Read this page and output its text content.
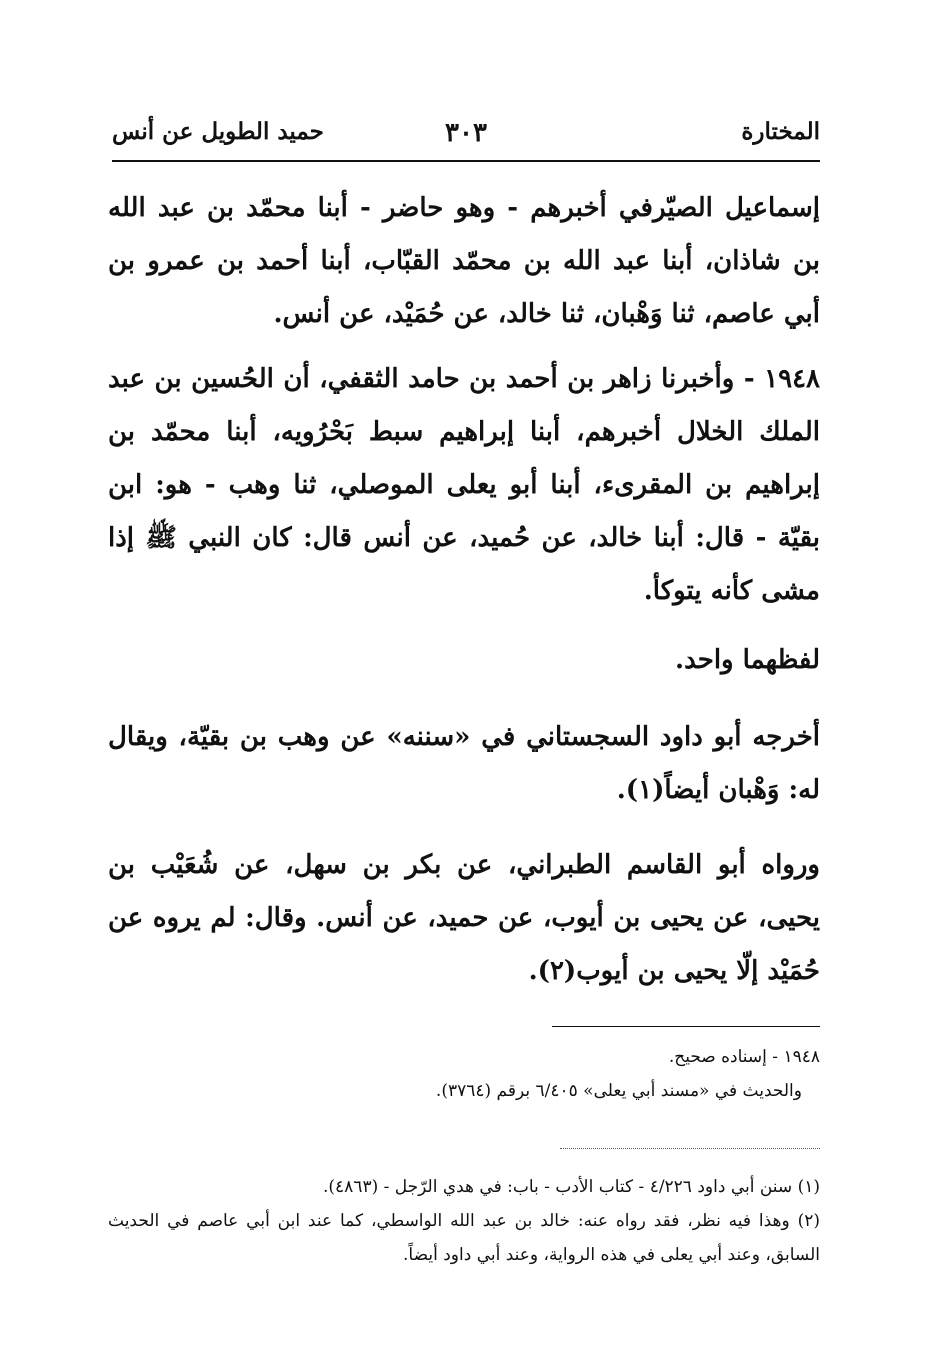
المختارة
٣٠٣
حميد الطويل عن أنس

إسماعيل الصيّرفي أخبرهم - وهو حاضر - أبنا محمّد بن عبد الله بن شاذان، أبنا عبد الله بن محمّد القبّاب، أبنا أحمد بن عمرو بن أبي عاصم، ثنا وَهْبان، ثنا خالد، عن حُمَيْد، عن أنس.

١٩٤٨ - وأخبرنا زاهر بن أحمد بن حامد الثقفي، أن الحُسين بن عبد الملك الخلال أخبرهم، أبنا إبراهيم سبط بَحْرُويه، أبنا محمّد بن إبراهيم بن المقرىء، أبنا أبو يعلى الموصلي، ثنا وهب - هو: ابن بقيّة - قال: أبنا خالد، عن حُميد، عن أنس قال: كان النبي ﷺ إذا مشى كأنه يتوكأ.

لفظهما واحد.

أخرجه أبو داود السجستاني في «سننه» عن وهب بن بقيّة، ويقال له: وَهْبان أيضاً(١).

ورواه أبو القاسم الطبراني، عن بكر بن سهل، عن شُعَيْب بن يحيى، عن يحيى بن أيوب، عن حميد، عن أنس. وقال: لم يروه عن حُمَيْد إلّا يحيى بن أيوب(٢).

١٩٤٨ - إسناده صحيح.

والحديث في «مسند أبي يعلى» ٦/٤٠٥ برقم (٣٧٦٤).

(١) سنن أبي داود ٤/٢٢٦ - كتاب الأدب - باب: في هدي الرّجل - (٤٨٦٣).

(٢) وهذا فيه نظر، فقد رواه عنه: خالد بن عبد الله الواسطي، كما عند ابن أبي عاصم في الحديث السابق، وعند أبي يعلى في هذه الرواية، وعند أبي داود أيضاً.
